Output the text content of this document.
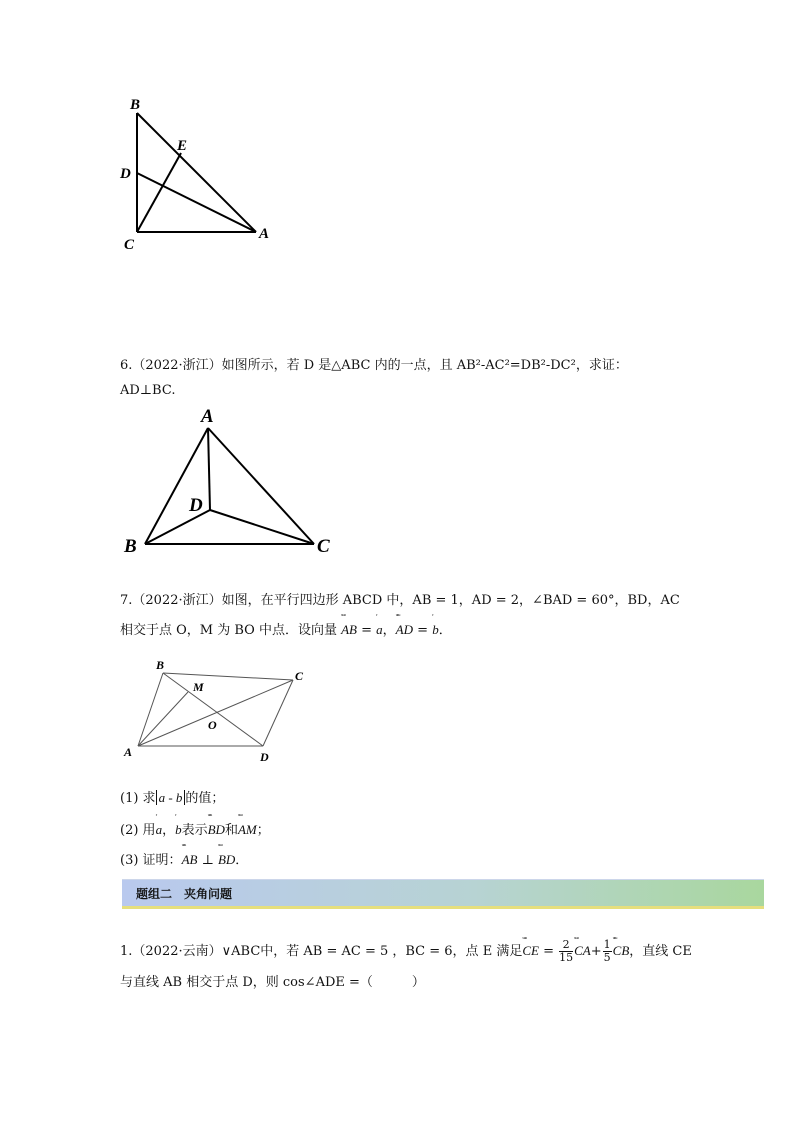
B
E
D
C
A
6.（2022·浙江）如图所示，若 D 是△ABC 内的一点，且 AB²-AC²=DB²-DC²，求证：
AD⊥BC.
A
D
B	C
7.（2022·浙江）如图，在平行四边形 ABCD 中，AB = 1，AD = 2，∠BAD = 60°，BD，AC
相交于点 O，M 为 BO 中点．设向量
ᵘᵘᵘ
AB =
ʳ
a，
ᵘᵘᵘ
AD =
ʳ
b．
B
C
M
O
A	D
(1) 求 a - b 的值；
(2) 用
ʳ
a，
ʳ
b表示
ᵘᵘᵘ
BD和
ᵘᵘᵘ
AM；
(3) 证明：
ᵘᵘᵘ
AB ⊥
ᵘᵘᵘ
BD．
题组二　夹角问题
1.（2022·云南）∨ABC中，若 AB = AC = 5 ，BC = 6，点 E 满足
ᵘᵘᵘ
CE = $\frac{2}{15}$ ᵘᵘᵘ
$CA+ \frac{1}{5}$ ᵘᵘᵘ
CB，直线 CE
与直线 AB 相交于点 D，则 cos∠ADE =（　　　）
